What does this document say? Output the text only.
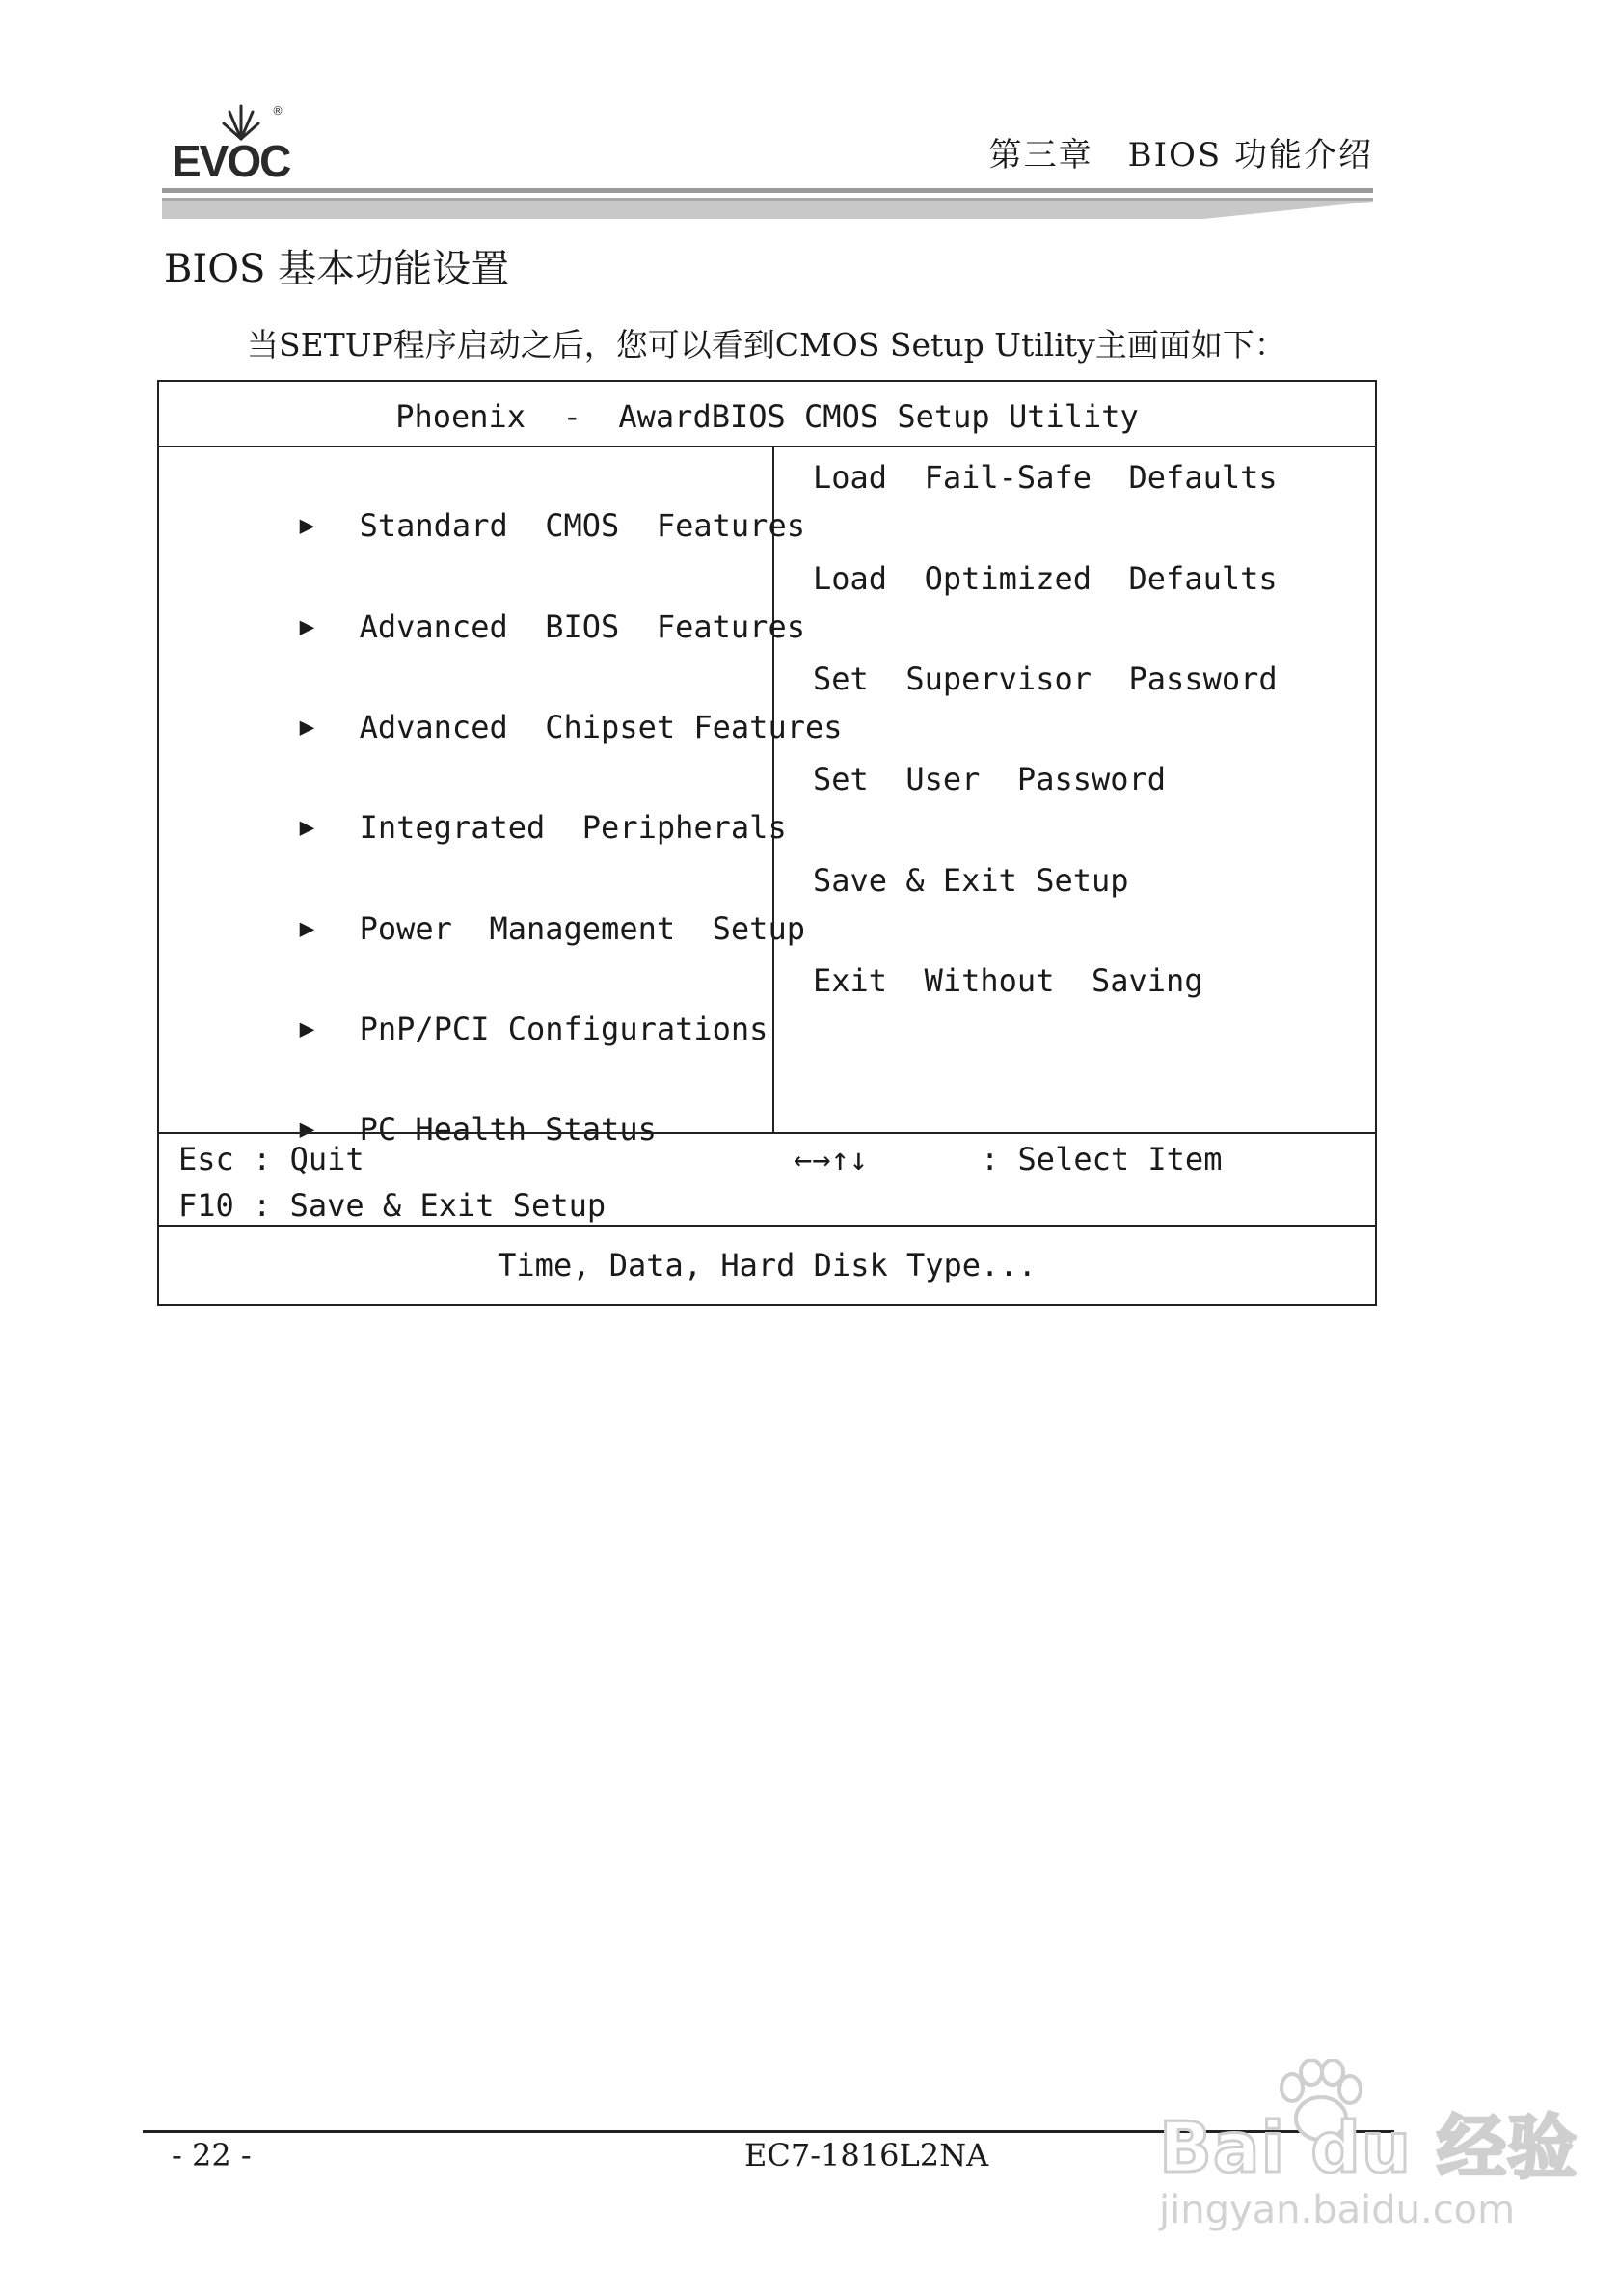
®
EVOC	第三章　BIOS 功能介绍
BIOS 基本功能设置
当SETUP程序启动之后，您可以看到CMOS Setup Utility主画面如下：
Phoenix  -  AwardBIOS CMOS Setup Utility

▶ Standard  CMOS  Features

▶ Advanced  BIOS  Features

▶ Advanced  Chipset Features

▶ Integrated  Peripherals

▶ Power  Management  Setup

▶ PnP/PCI Configurations

▶ PC Health Status

Load  Fail-Safe  Defaults
Load  Optimized  Defaults
Set  Supervisor  Password
Set  User  Password
Save & Exit Setup
Exit  Without  Saving
Esc : Quit
F10 : Save & Exit Setup
←→↑↓	: Select Item
Time, Data, Hard Disk Type...
- 22 -	EC7-1816L2NA Bai du 经验
jingyan.baidu.com
